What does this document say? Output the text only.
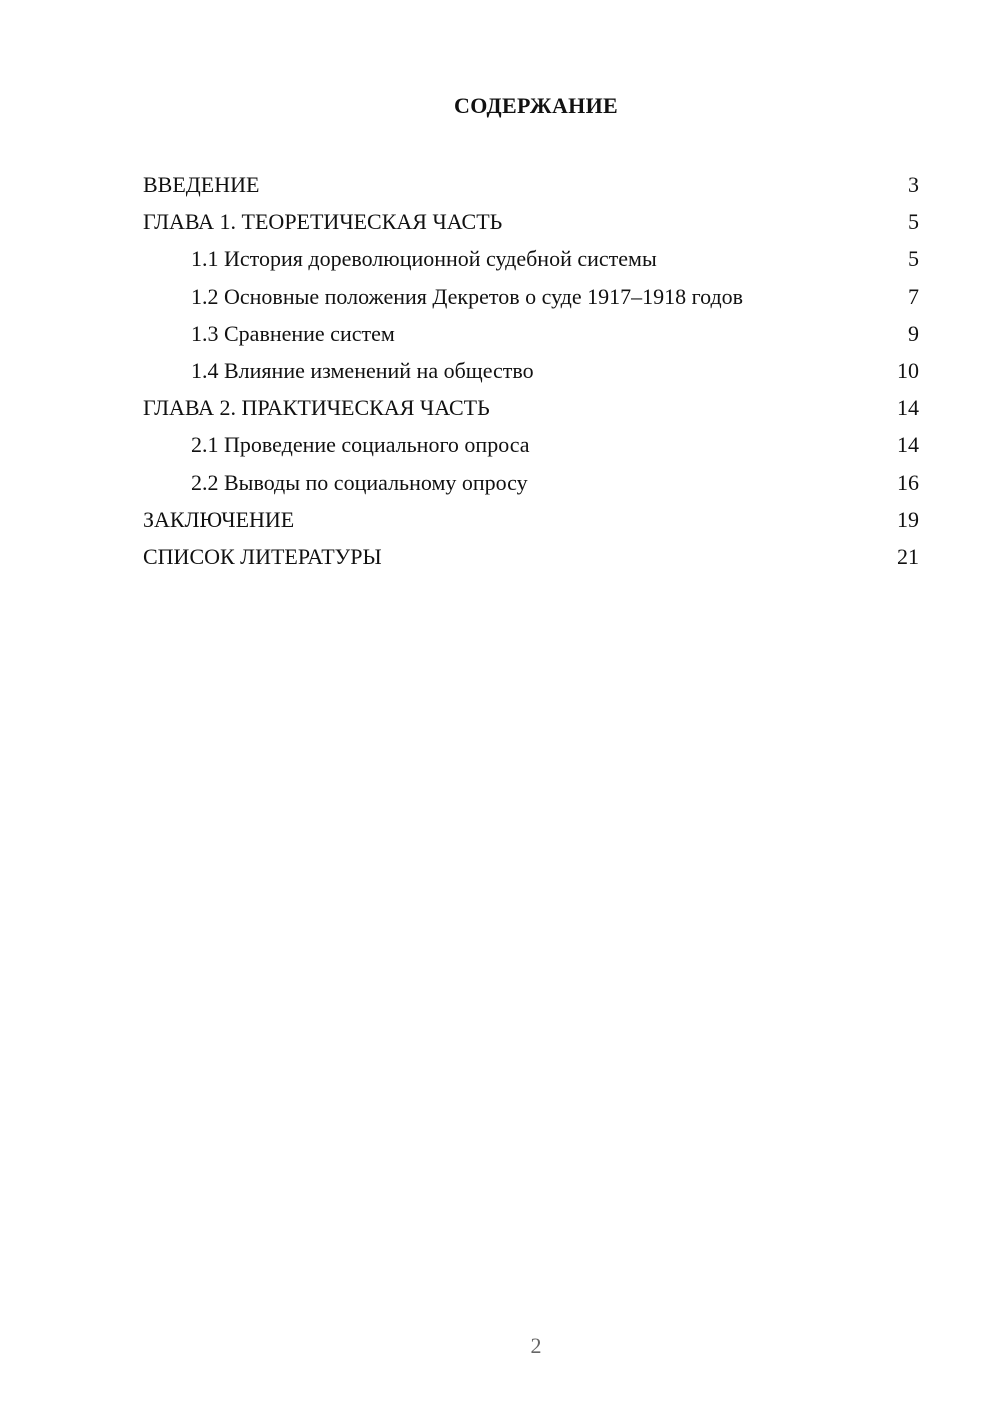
СОДЕРЖАНИЕ
ВВЕДЕНИЕ	3
ГЛАВА 1. ТЕОРЕТИЧЕСКАЯ ЧАСТЬ	5
1.1 История дореволюционной судебной системы	5
1.2 Основные положения Декретов о суде 1917–1918 годов	7
1.3 Сравнение систем	9
1.4 Влияние изменений на общество	10
ГЛАВА 2. ПРАКТИЧЕСКАЯ ЧАСТЬ	14
2.1 Проведение социального опроса	14
2.2 Выводы по социальному опросу	16
ЗАКЛЮЧЕНИЕ	19
СПИСОК ЛИТЕРАТУРЫ	21
2
